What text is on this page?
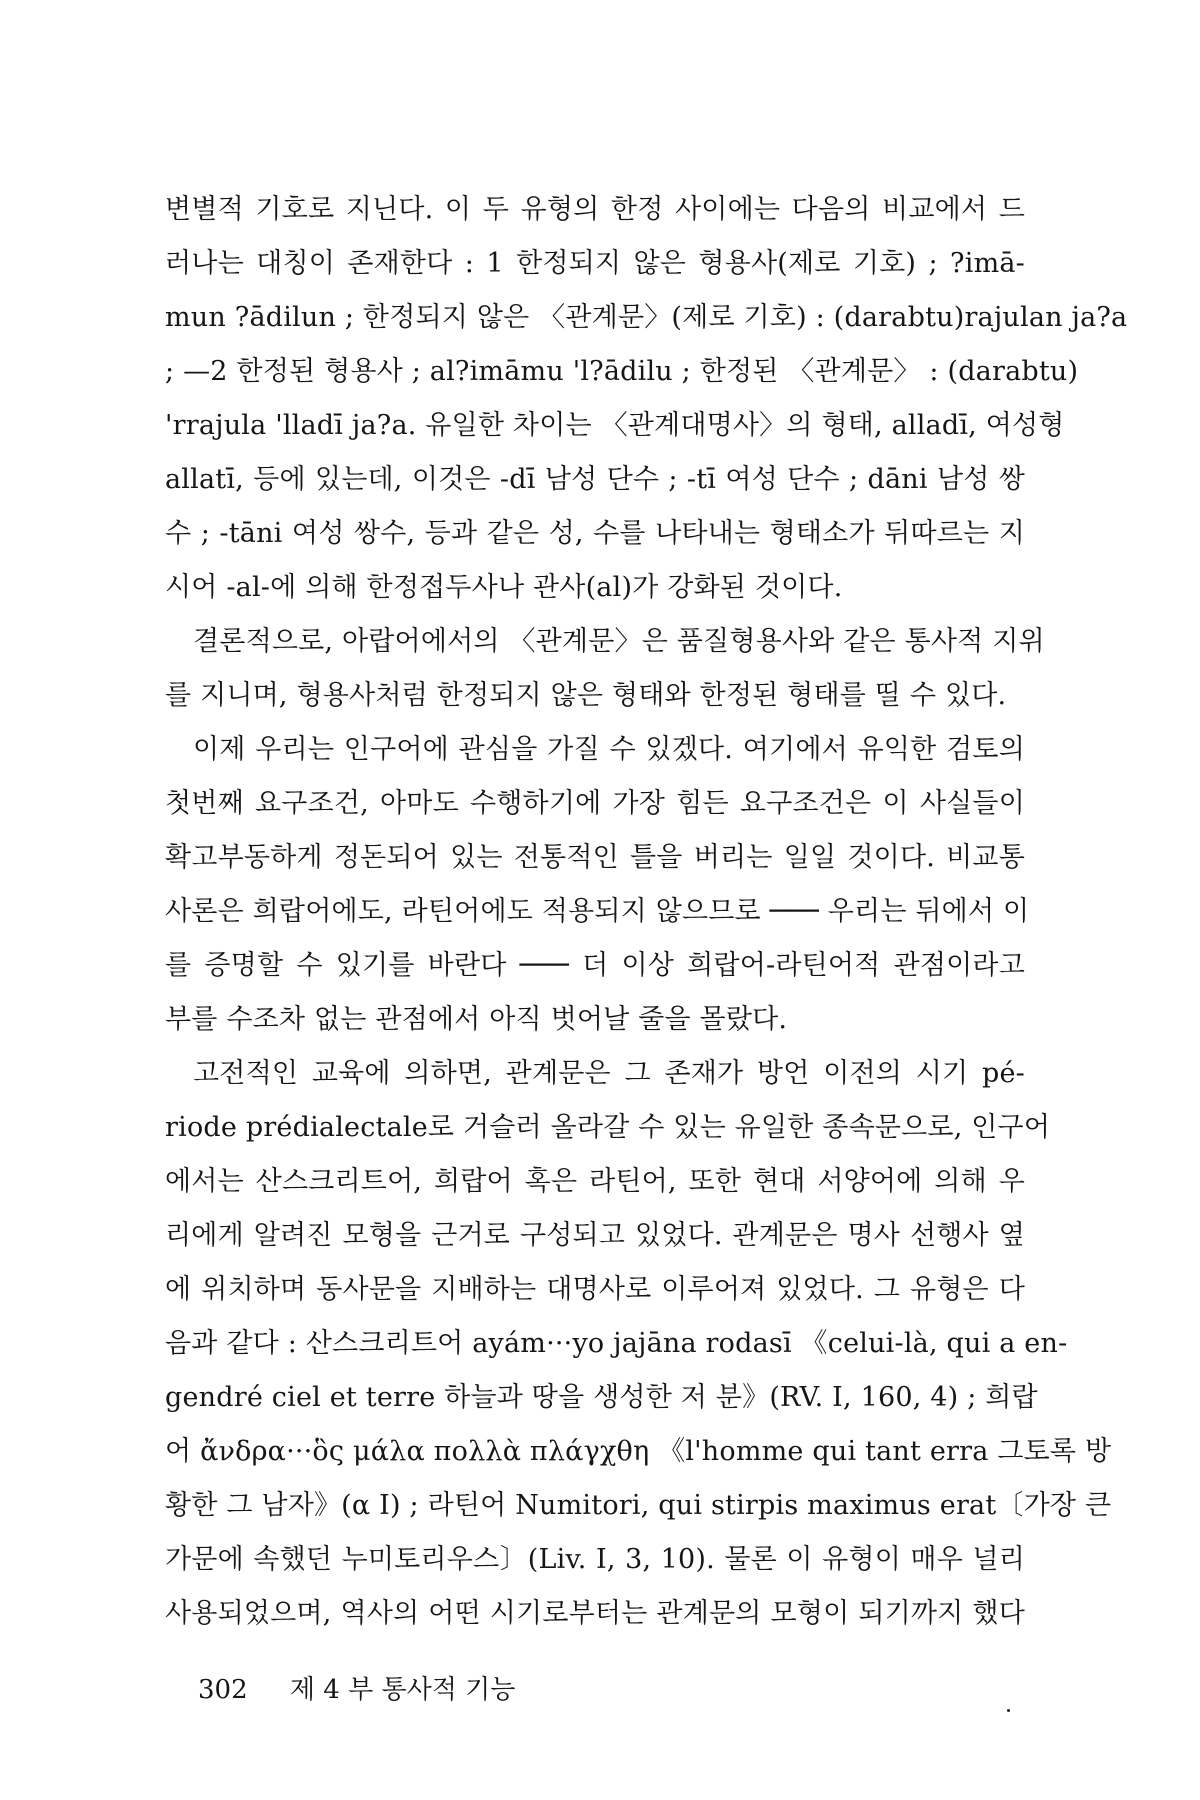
변별적 기호로 지닌다. 이 두 유형의 한정 사이에는 다음의 비교에서 드
러나는 대칭이 존재한다 : 1 한정되지 않은 형용사(제로 기호) ; ?imā-
mun ?ādilun ; 한정되지 않은 〈관계문〉(제로 기호) : (darabtu)rajulan ja?a
; —2 한정된 형용사 ; al?imāmu 'l?ādilu ; 한정된 〈관계문〉 : (darabtu)
'rrajula 'lladī ja?a. 유일한 차이는 〈관계대명사〉의 형태, alladī, 여성형
allatī, 등에 있는데, 이것은 -dī 남성 단수 ; -tī 여성 단수 ; dāni 남성 쌍
수 ; -tāni 여성 쌍수, 등과 같은 성, 수를 나타내는 형태소가 뒤따르는 지
시어 -al-에 의해 한정접두사나 관사(al)가 강화된 것이다.
결론적으로, 아랍어에서의 〈관계문〉은 품질형용사와 같은 통사적 지위
를 지니며, 형용사처럼 한정되지 않은 형태와 한정된 형태를 띨 수 있다.
이제 우리는 인구어에 관심을 가질 수 있겠다. 여기에서 유익한 검토의
첫번째 요구조건, 아마도 수행하기에 가장 힘든 요구조건은 이 사실들이
확고부동하게 정돈되어 있는 전통적인 틀을 버리는 일일 것이다. 비교통
사론은 희랍어에도, 라틴어에도 적용되지 않으므로 ─── 우리는 뒤에서 이
를 증명할 수 있기를 바란다 ─── 더 이상 희랍어-라틴어적 관점이라고
부를 수조차 없는 관점에서 아직 벗어날 줄을 몰랐다.
고전적인 교육에 의하면, 관계문은 그 존재가 방언 이전의 시기 pé-
riode prédialectale로 거슬러 올라갈 수 있는 유일한 종속문으로, 인구어
에서는 산스크리트어, 희랍어 혹은 라틴어, 또한 현대 서양어에 의해 우
리에게 알려진 모형을 근거로 구성되고 있었다. 관계문은 명사 선행사 옆
에 위치하며 동사문을 지배하는 대명사로 이루어져 있었다. 그 유형은 다
음과 같다 : 산스크리트어 ayám···yo jajāna rodasī 《celui-là, qui a en-
gendré ciel et terre 하늘과 땅을 생성한 저 분》(RV. I, 160, 4) ; 희랍
어 ἄνδρα···ὃς μάλα πολλὰ πλάγχθη 《l'homme qui tant erra 그토록 방
황한 그 남자》(α I) ; 라틴어 Numitori, qui stirpis maximus erat〔가장 큰
가문에 속했던 누미토리우스〕(Liv. I, 3, 10). 물론 이 유형이 매우 널리
사용되었으며, 역사의 어떤 시기로부터는 관계문의 모형이 되기까지 했다
302 제 4 부 통사적 기능
